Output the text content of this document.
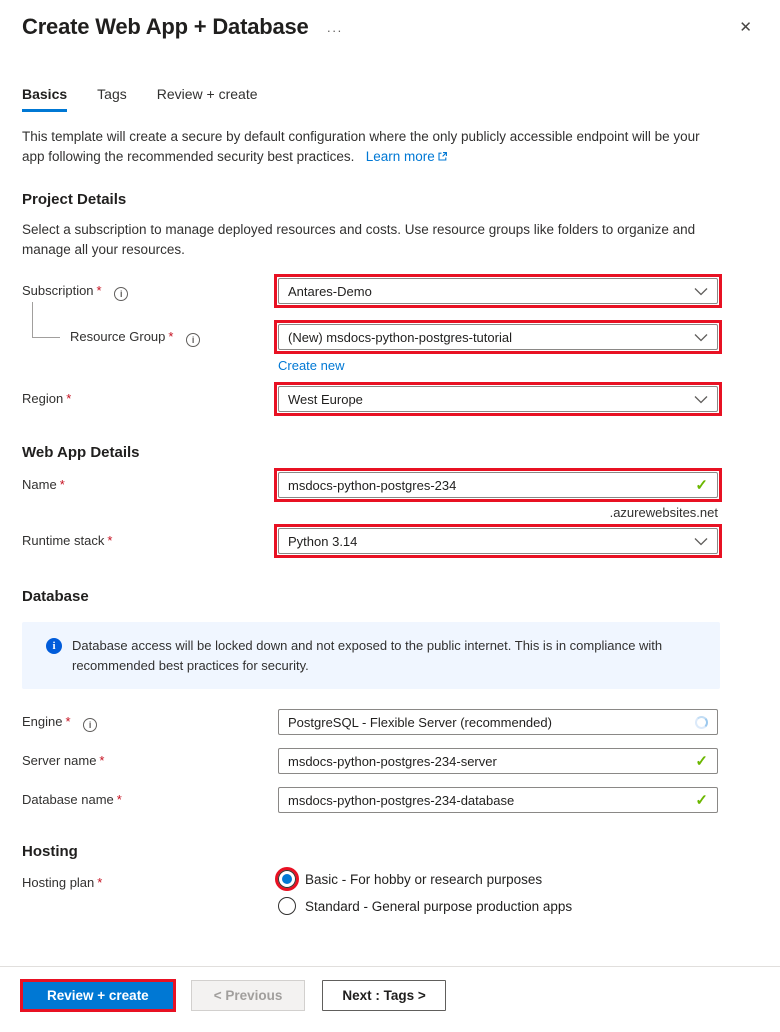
Create Web App + Database ···	✕
Basics Tags Review + create
This template will create a secure by default configuration where the only publicly accessible endpoint will be your app following the recommended security best practices. Learn more
Project Details
Select a subscription to manage deployed resources and costs. Use resource groups like folders to organize and manage all your resources.
Subscription * i	Antares-Demo
Resource Group * i	(New) msdocs-python-postgres-tutorial
Create new
Region *	West Europe
Web App Details
Name *
msdocs-python-postgres-234	✓
.azurewebsites.net
Runtime stack *	Python 3.14
Database
i	Database access will be locked down and not exposed to the public internet. This is in compliance with recommended best practices for security.
Engine * i
PostgreSQL - Flexible Server (recommended)
Server name *
msdocs-python-postgres-234-server	✓
Database name *
msdocs-python-postgres-234-database	✓
Hosting
Hosting plan *	Basic - For hobby or research purposes
Standard - General purpose production apps
Review + create	< Previous	Next : Tags >
